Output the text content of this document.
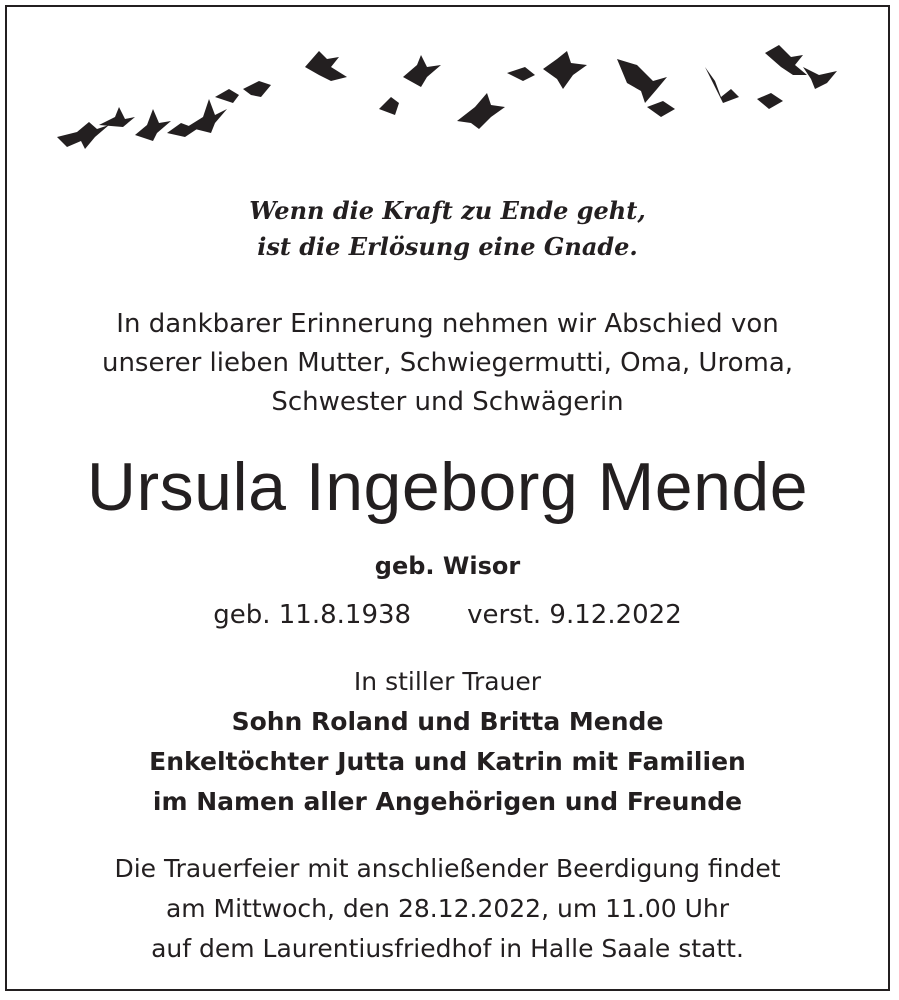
Wenn die Kraft zu Ende geht,
ist die Erlösung eine Gnade.
In dankbarer Erinnerung nehmen wir Abschied von
unserer lieben Mutter, Schwiegermutti, Oma, Uroma,
Schwester und Schwägerin
Ursula Ingeborg Mende
geb. Wisor
geb. 11.8.1938 verst. 9.12.2022
In stiller Trauer
Sohn Roland und Britta Mende
Enkeltöchter Jutta und Katrin mit Familien
im Namen aller Angehörigen und Freunde
Die Trauerfeier mit anschließender Beerdigung findet
am Mittwoch, den 28.12.2022, um 11.00 Uhr
auf dem Laurentiusfriedhof in Halle Saale statt.
